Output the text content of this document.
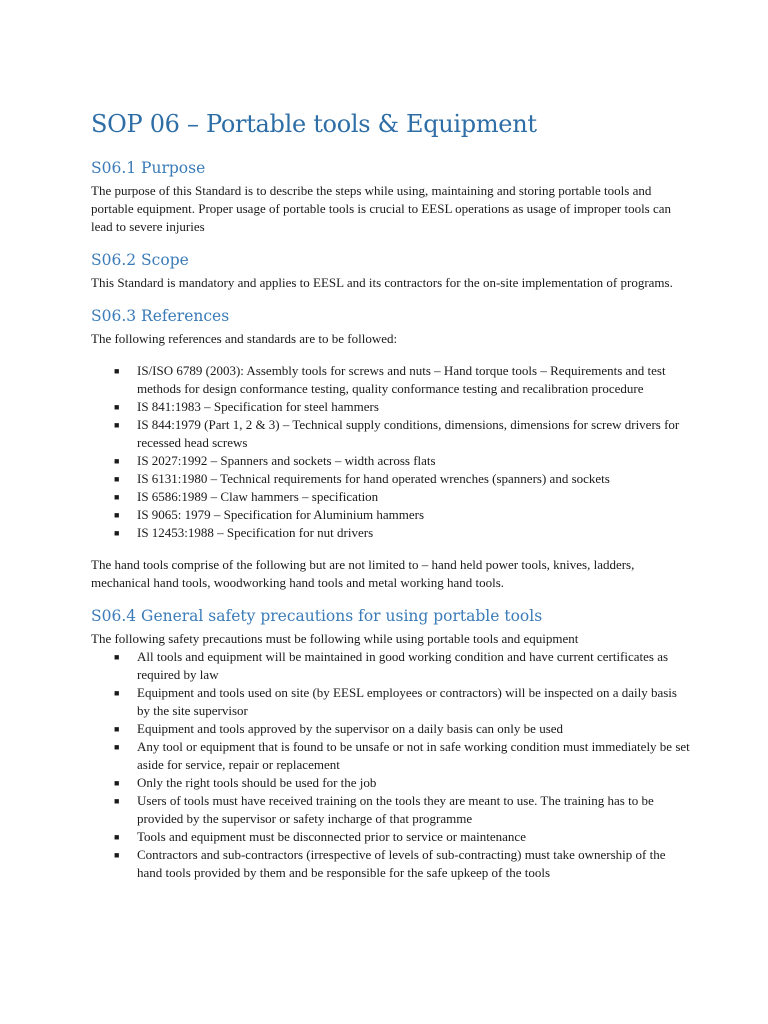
SOP 06 – Portable tools & Equipment
S06.1 Purpose

The purpose of this Standard is to describe the steps while using, maintaining and storing portable tools and portable equipment. Proper usage of portable tools is crucial to EESL operations as usage of improper tools can lead to severe injuries

S06.2 Scope

This Standard is mandatory and applies to EESL and its contractors for the on-site implementation of programs.

S06.3 References

The following references and standards are to be followed:

■ IS/ISO 6789 (2003): Assembly tools for screws and nuts – Hand torque tools – Requirements and test methods for design conformance testing, quality conformance testing and recalibration procedure
■ IS 841:1983 – Specification for steel hammers
■ IS 844:1979 (Part 1, 2 & 3) – Technical supply conditions, dimensions, dimensions for screw drivers for recessed head screws
■ IS 2027:1992 – Spanners and sockets – width across flats
■ IS 6131:1980 – Technical requirements for hand operated wrenches (spanners) and sockets
■ IS 6586:1989 – Claw hammers – specification
■ IS 9065: 1979 – Specification for Aluminium hammers
■ IS 12453:1988 – Specification for nut drivers

The hand tools comprise of the following but are not limited to – hand held power tools, knives, ladders, mechanical hand tools, woodworking hand tools and metal working hand tools.

S06.4 General safety precautions for using portable tools

The following safety precautions must be following while using portable tools and equipment

■ All tools and equipment will be maintained in good working condition and have current certificates as required by law
■ Equipment and tools used on site (by EESL employees or contractors) will be inspected on a daily basis by the site supervisor
■ Equipment and tools approved by the supervisor on a daily basis can only be used
■ Any tool or equipment that is found to be unsafe or not in safe working condition must immediately be set aside for service, repair or replacement
■ Only the right tools should be used for the job
■ Users of tools must have received training on the tools they are meant to use. The training has to be provided by the supervisor or safety incharge of that programme
■ Tools and equipment must be disconnected prior to service or maintenance
■ Contractors and sub-contractors (irrespective of levels of sub-contracting) must take ownership of the hand tools provided by them and be responsible for the safe upkeep of the tools
